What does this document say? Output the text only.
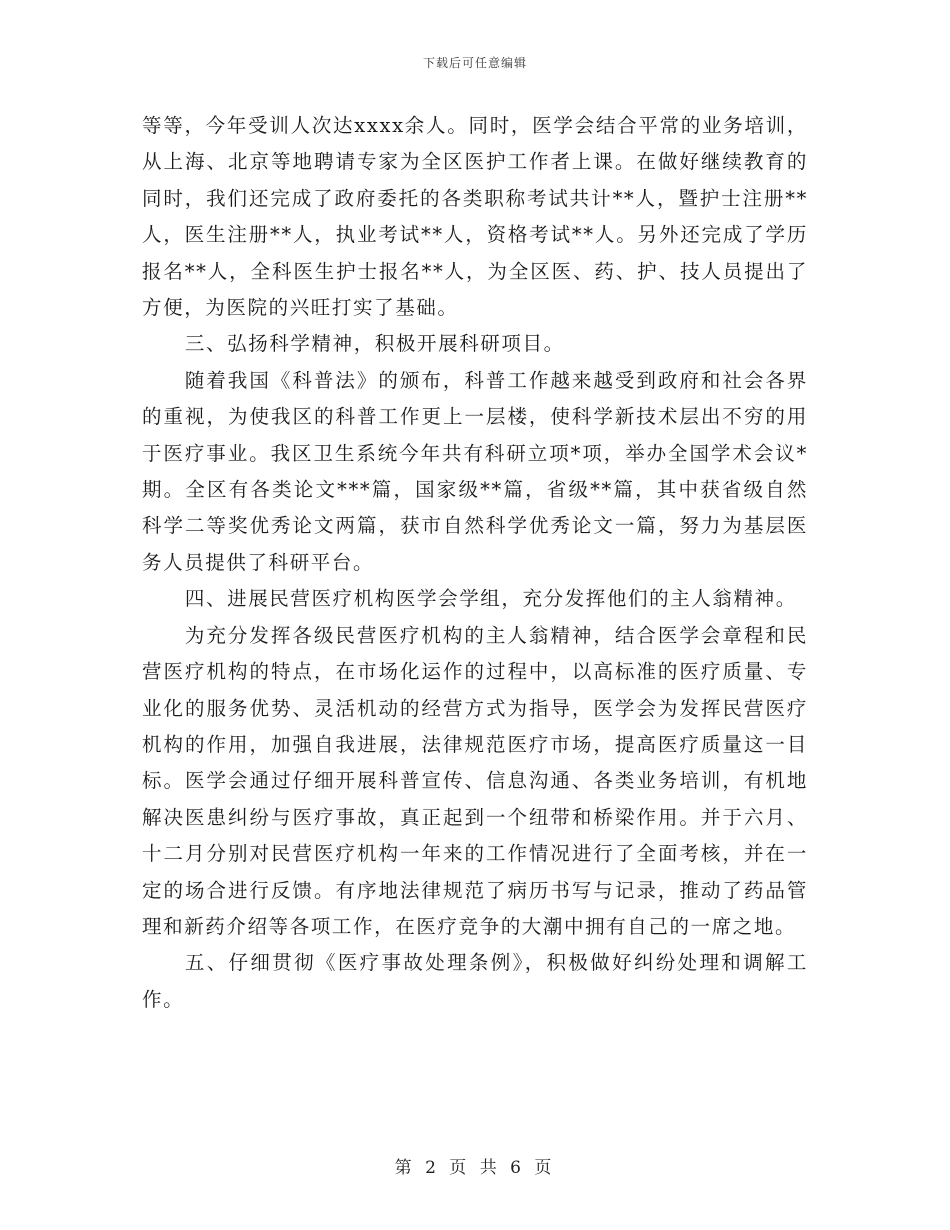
下载后可任意编辑

等等，今年受训人次达xxxx余人。同时，医学会结合平常的业务培训，从上海、北京等地聘请专家为全区医护工作者上课。在做好继续教育的同时，我们还完成了政府委托的各类职称考试共计**人，暨护士注册**人，医生注册**人，执业考试**人，资格考试**人。另外还完成了学历报名**人，全科医生护士报名**人，为全区医、药、护、技人员提出了方便，为医院的兴旺打实了基础。

三、弘扬科学精神，积极开展科研项目。

随着我国《科普法》的颁布，科普工作越来越受到政府和社会各界的重视，为使我区的科普工作更上一层楼，使科学新技术层出不穷的用于医疗事业。我区卫生系统今年共有科研立项*项，举办全国学术会议*期。全区有各类论文***篇，国家级**篇，省级**篇，其中获省级自然科学二等奖优秀论文两篇，获市自然科学优秀论文一篇，努力为基层医务人员提供了科研平台。

四、进展民营医疗机构医学会学组，充分发挥他们的主人翁精神。

为充分发挥各级民营医疗机构的主人翁精神，结合医学会章程和民营医疗机构的特点，在市场化运作的过程中，以高标准的医疗质量、专业化的服务优势、灵活机动的经营方式为指导，医学会为发挥民营医疗机构的作用，加强自我进展，法律规范医疗市场，提高医疗质量这一目标。医学会通过仔细开展科普宣传、信息沟通、各类业务培训，有机地解决医患纠纷与医疗事故，真正起到一个纽带和桥梁作用。并于六月、十二月分别对民营医疗机构一年来的工作情况进行了全面考核，并在一定的场合进行反馈。有序地法律规范了病历书写与记录，推动了药品管理和新药介绍等各项工作，在医疗竞争的大潮中拥有自己的一席之地。

五、仔细贯彻《医疗事故处理条例》，积极做好纠纷处理和调解工作。

第 2 页 共 6 页
